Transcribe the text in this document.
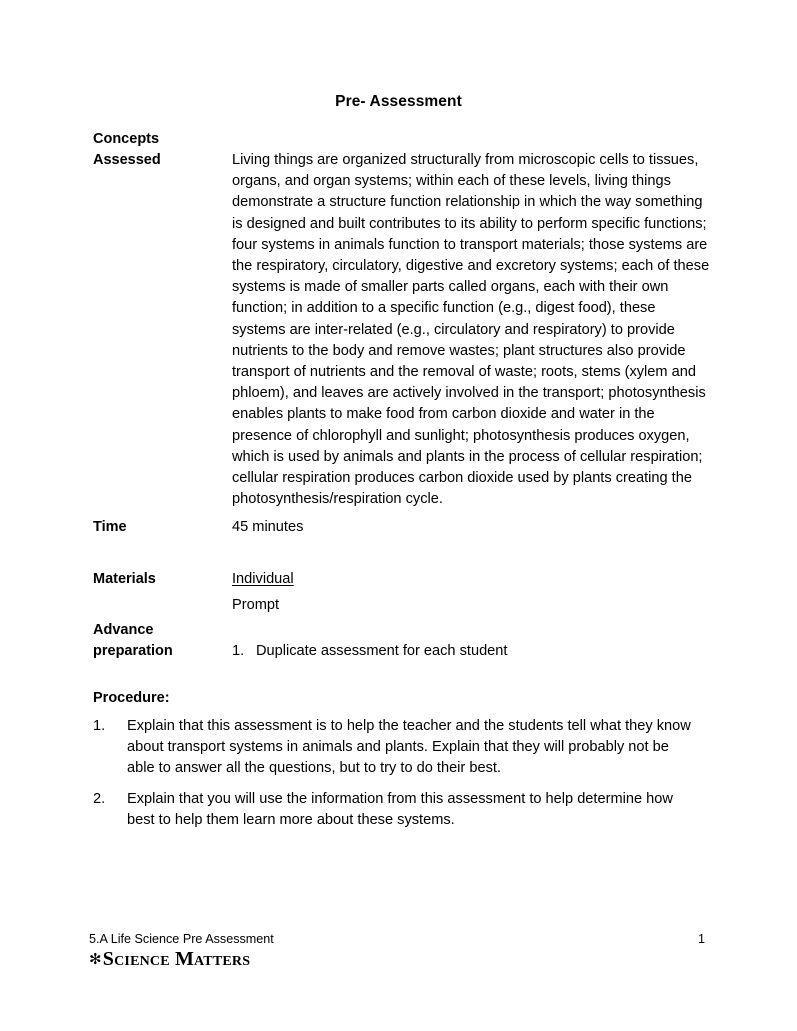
Pre- Assessment
Concepts
Assessed	Living things are organized structurally from microscopic cells to tissues, organs, and organ systems; within each of these levels, living things demonstrate a structure function relationship in which the way something is designed and built contributes to its ability to perform specific functions; four systems in animals function to transport materials; those systems are the respiratory, circulatory, digestive and excretory systems; each of these systems is made of smaller parts called organs, each with their own function; in addition to a specific function (e.g., digest food), these systems are inter-related (e.g., circulatory and respiratory) to provide nutrients to the body and remove wastes; plant structures also provide transport of nutrients and the removal of waste; roots, stems (xylem and phloem), and leaves are actively involved in the transport; photosynthesis enables plants to make food from carbon dioxide and water in the presence of chlorophyll and sunlight; photosynthesis produces oxygen, which is used by animals and plants in the process of cellular respiration; cellular respiration produces carbon dioxide used by plants creating the photosynthesis/respiration cycle.
Time	45 minutes
Materials	Individual
Prompt
Advance
preparation	1. Duplicate assessment for each student
Procedure:
1.	Explain that this assessment is to help the teacher and the students tell what they know about transport systems in animals and plants. Explain that they will probably not be able to answer all the questions, but to try to do their best.
2.	Explain that you will use the information from this assessment to help determine how best to help them learn more about these systems.
5.A Life Science Pre Assessment	1
✻Science Matters
